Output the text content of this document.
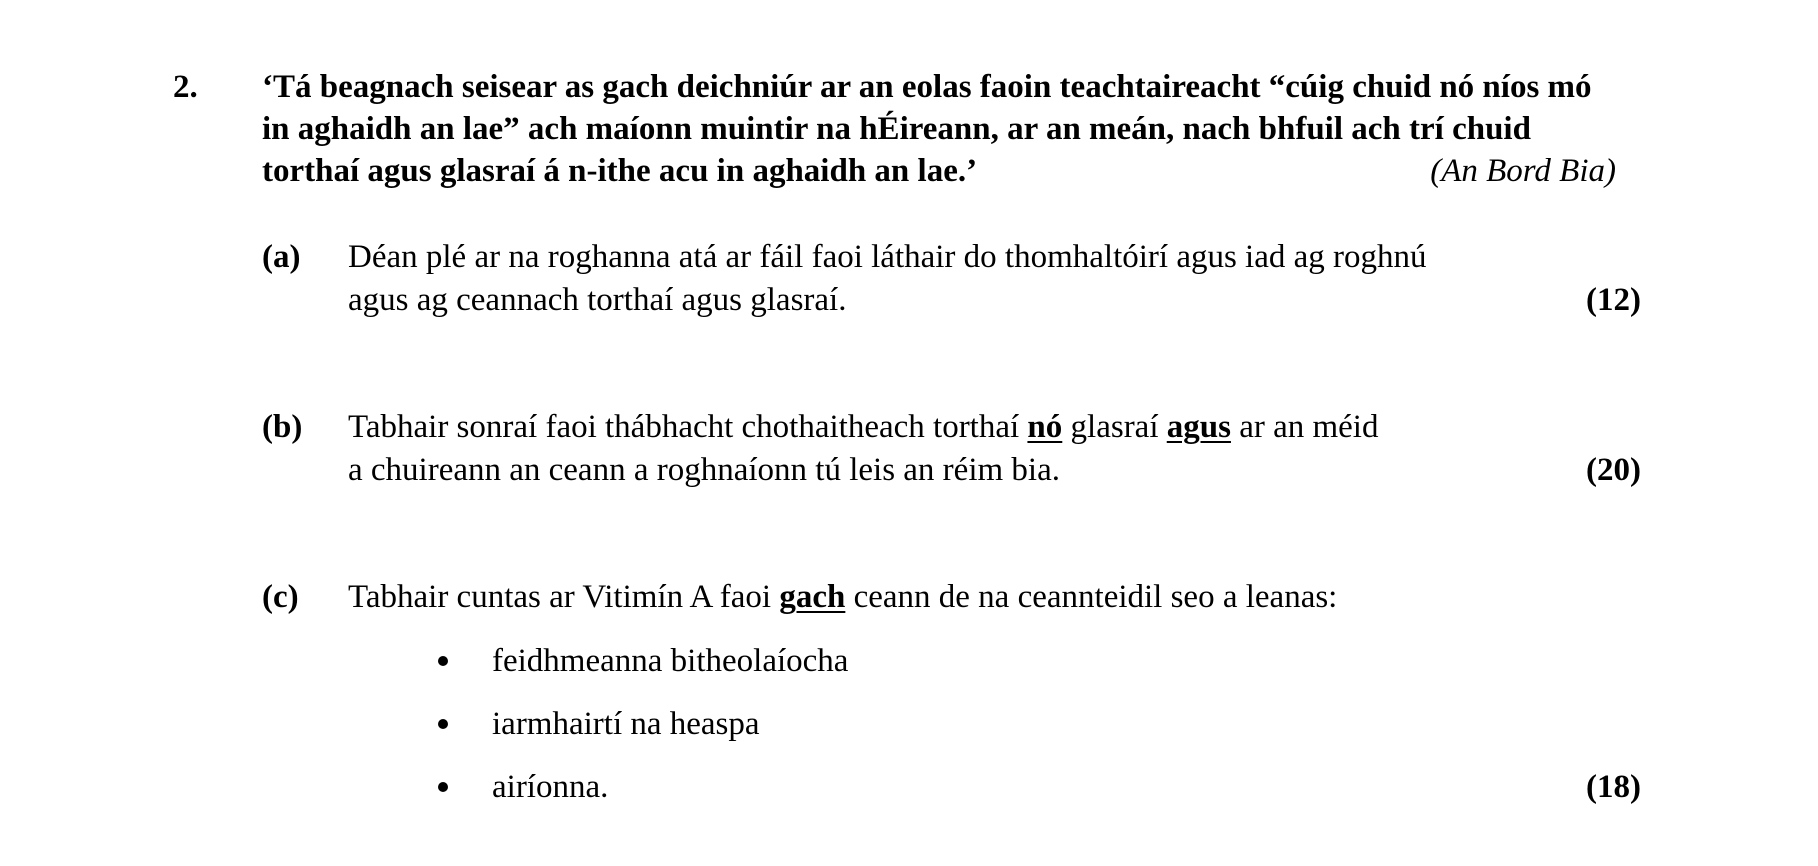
2. ‘Tá beagnach seisear as gach deichniúr ar an eolas faoin teachtaireacht “cúig chuid nó níos mó in aghaidh an lae” ach maíonn muintir na hÉireann, ar an meán, nach bhfuil ach trí chuid torthaí agus glasraí á n-ithe acu in aghaidh an lae.’	(An Bord Bia)
(a) Déan plé ar na roghanna atá ar fáil faoi láthair do thomhaltóirí agus iad ag roghnú
agus ag ceannach torthaí agus glasraí.	(12)
(b) Tabhair sonraí faoi thábhacht chothaitheach torthaí nó glasraí agus ar an méid
a chuireann an ceann a roghnaíonn tú leis an réim bia.	(20)
(c) Tabhair cuntas ar Vitimín A faoi gach ceann de na ceannteidil seo a leanas:
feidhmeanna bitheolaíocha
iarmhairtí na heaspa
airíonna.	(18)
